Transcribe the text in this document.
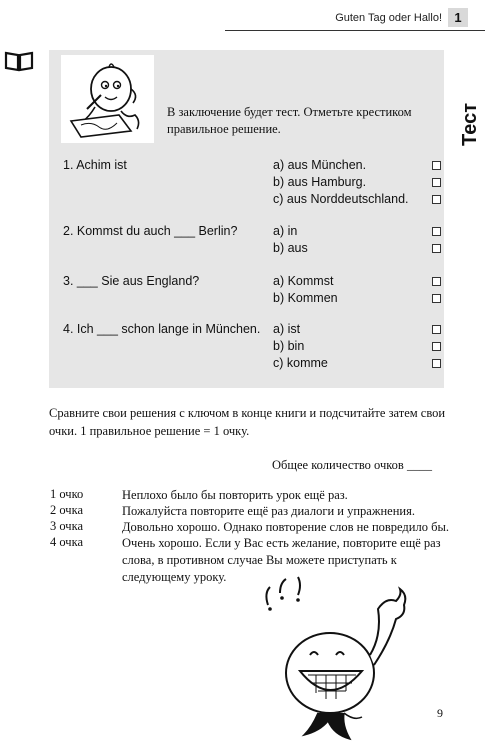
Guten Tag oder Hallo! 1
Тест
В заключение будет тест. Отметьте крестиком правильное решение.
1. Achim ist	a) aus München.
b) aus Hamburg.
c) aus Norddeutschland.
2. Kommst du auch ___ Berlin?	a) in
b) aus
3. ___ Sie aus England?	a) Kommst
b) Kommen
4. Ich ___ schon lange in München. a) ist
b) bin
c) komme
Сравните свои решения с ключом в конце книги и подсчитайте затем свои очки. 1 правильное решение = 1 очку.
Общее количество очков ____
1 очко	Неплохо было бы повторить урок ещё раз.
2 очка	Пожалуйста повторите ещё раз диалоги и упражнения.
3 очка	Довольно хорошо. Однако повторение слов не повредило бы.
4 очка	Очень хорошо. Если у Вас есть желание, повторите ещё раз слова, в противном случае Вы можете приступать к следующему уроку.
9
